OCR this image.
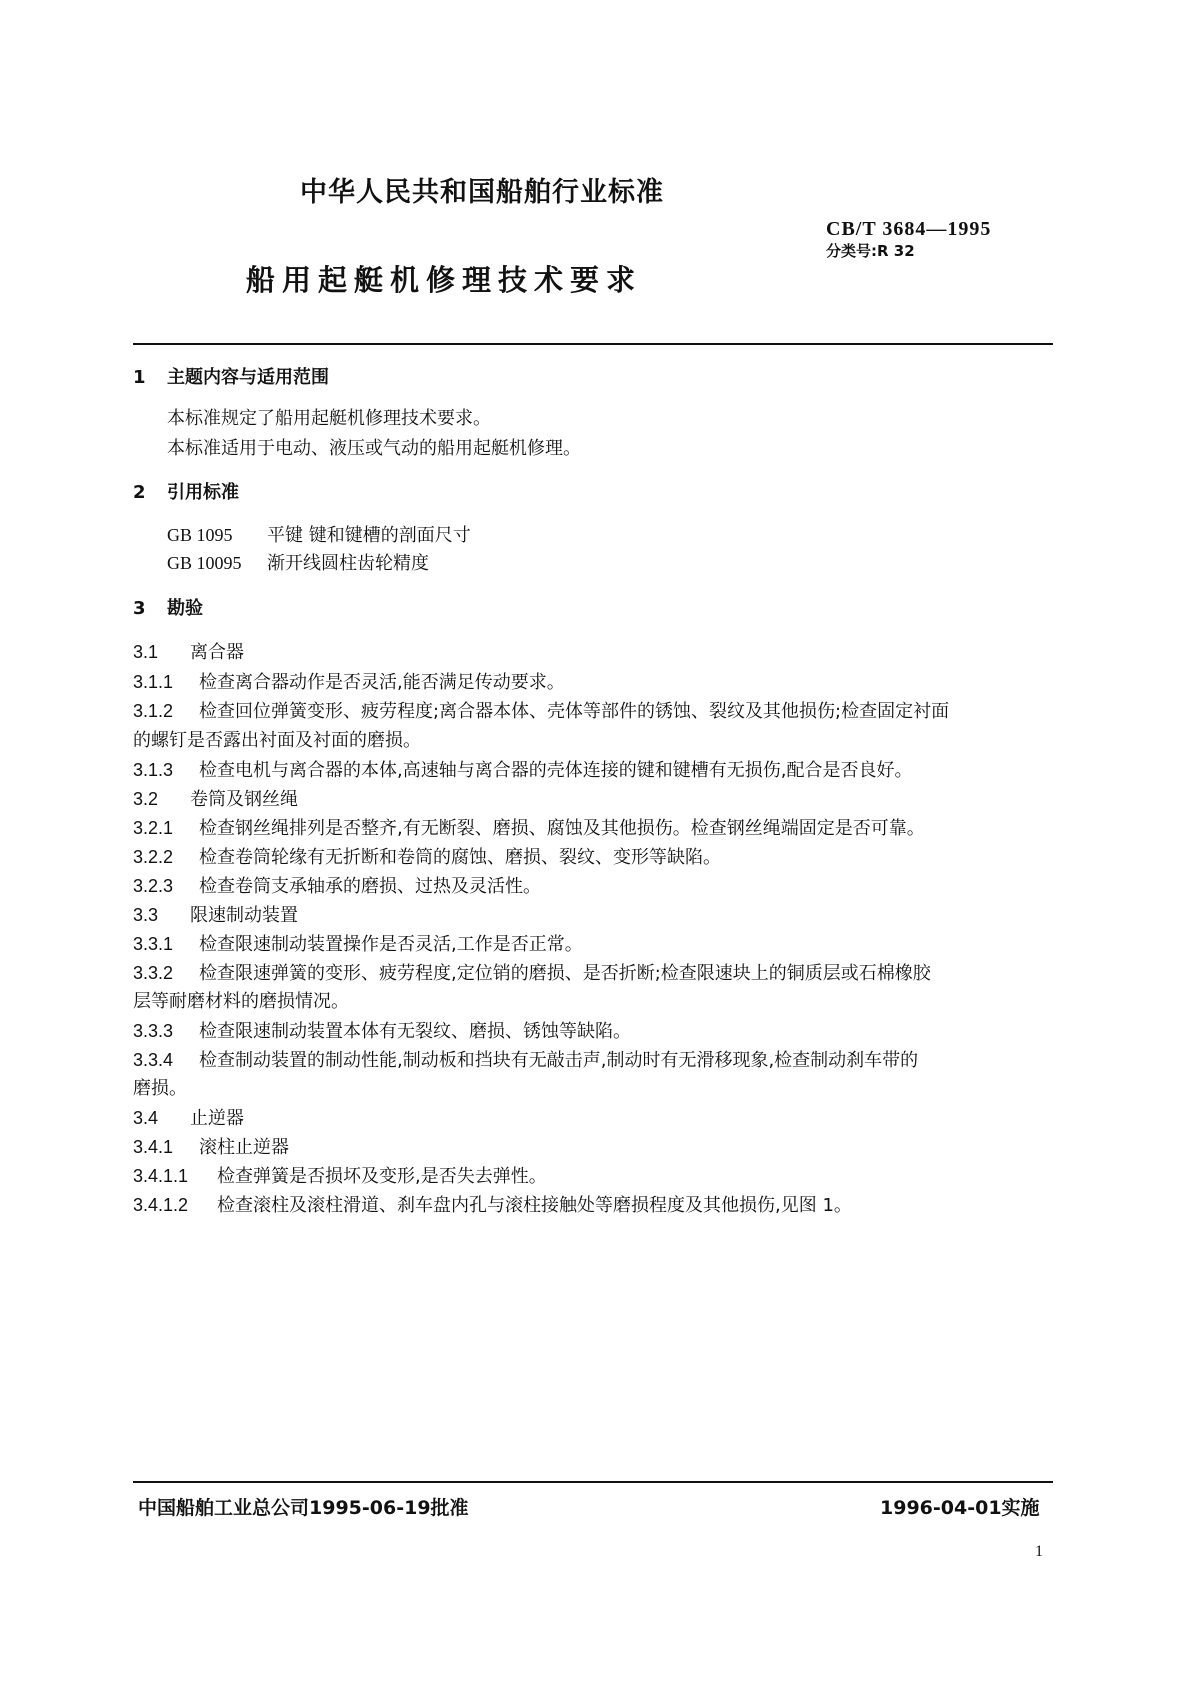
中华人民共和国船舶行业标准
CB/T 3684—1995
分类号:R 32
船用起艇机修理技术要求
1 主题内容与适用范围
本标准规定了船用起艇机修理技术要求。
本标准适用于电动、液压或气动的船用起艇机修理。
2 引用标准
GB 1095 平键 键和键槽的剖面尺寸
GB 10095 渐开线圆柱齿轮精度
3 勘验
3.1 离合器
3.1.1 检查离合器动作是否灵活,能否满足传动要求。
3.1.2 检查回位弹簧变形、疲劳程度;离合器本体、壳体等部件的锈蚀、裂纹及其他损伤;检查固定衬面
的螺钉是否露出衬面及衬面的磨损。
3.1.3 检查电机与离合器的本体,高速轴与离合器的壳体连接的键和键槽有无损伤,配合是否良好。
3.2 卷筒及钢丝绳
3.2.1 检查钢丝绳排列是否整齐,有无断裂、磨损、腐蚀及其他损伤。检查钢丝绳端固定是否可靠。
3.2.2 检查卷筒轮缘有无折断和卷筒的腐蚀、磨损、裂纹、变形等缺陷。
3.2.3 检查卷筒支承轴承的磨损、过热及灵活性。
3.3 限速制动装置
3.3.1 检查限速制动装置操作是否灵活,工作是否正常。
3.3.2 检查限速弹簧的变形、疲劳程度,定位销的磨损、是否折断;检查限速块上的铜质层或石棉橡胶
层等耐磨材料的磨损情况。
3.3.3 检查限速制动装置本体有无裂纹、磨损、锈蚀等缺陷。
3.3.4 检查制动装置的制动性能,制动板和挡块有无敲击声,制动时有无滑移现象,检查制动刹车带的
磨损。
3.4 止逆器
3.4.1 滚柱止逆器
3.4.1.1 检查弹簧是否损坏及变形,是否失去弹性。
3.4.1.2 检查滚柱及滚柱滑道、刹车盘内孔与滚柱接触处等磨损程度及其他损伤,见图 1。
中国船舶工业总公司1995-06-19批准	1996-04-01实施
1
